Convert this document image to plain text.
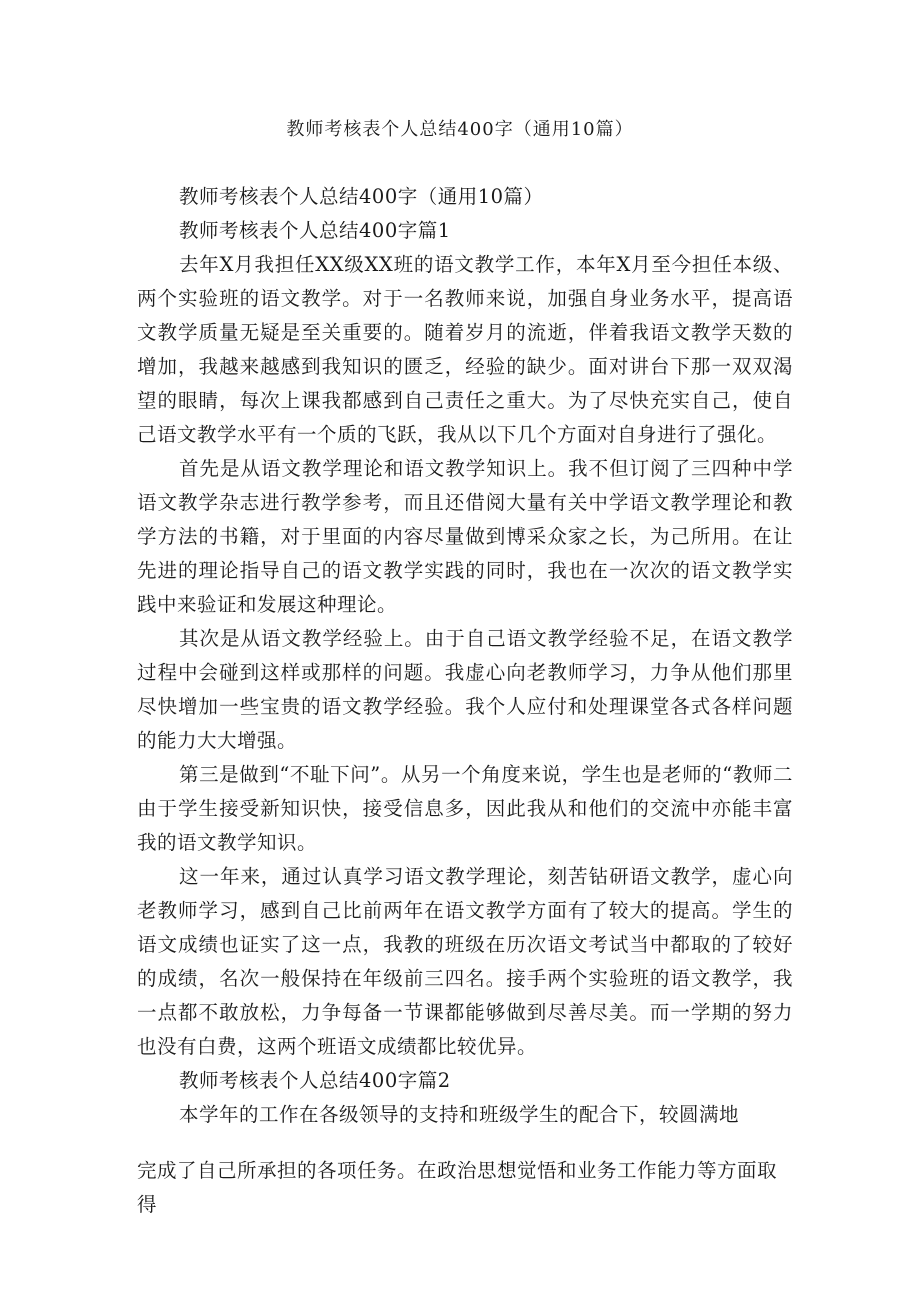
教师考核表个人总结400字（通用10篇）

教师考核表个人总结400字（通用10篇）

教师考核表个人总结400字篇1

去年X月我担任XX级XX班的语文教学工作，本年X月至今担任本级、两个实验班的语文教学。对于一名教师来说，加强自身业务水平，提高语文教学质量无疑是至关重要的。随着岁月的流逝，伴着我语文教学天数的增加，我越来越感到我知识的匮乏，经验的缺少。面对讲台下那一双双渴望的眼睛，每次上课我都感到自己责任之重大。为了尽快充实自己，使自己语文教学水平有一个质的飞跃，我从以下几个方面对自身进行了强化。

首先是从语文教学理论和语文教学知识上。我不但订阅了三四种中学语文教学杂志进行教学参考，而且还借阅大量有关中学语文教学理论和教学方法的书籍，对于里面的内容尽量做到博采众家之长，为己所用。在让先进的理论指导自己的语文教学实践的同时，我也在一次次的语文教学实践中来验证和发展这种理论。

其次是从语文教学经验上。由于自己语文教学经验不足，在语文教学过程中会碰到这样或那样的问题。我虚心向老教师学习，力争从他们那里尽快增加一些宝贵的语文教学经验。我个人应付和处理课堂各式各样问题的能力大大增强。

第三是做到“不耻下问”。从另一个角度来说，学生也是老师的“教师二由于学生接受新知识快，接受信息多，因此我从和他们的交流中亦能丰富我的语文教学知识。

这一年来，通过认真学习语文教学理论，刻苦钻研语文教学，虚心向老教师学习，感到自己比前两年在语文教学方面有了较大的提高。学生的语文成绩也证实了这一点，我教的班级在历次语文考试当中都取的了较好的成绩，名次一般保持在年级前三四名。接手两个实验班的语文教学，我一点都不敢放松，力争每备一节课都能够做到尽善尽美。而一学期的努力也没有白费，这两个班语文成绩都比较优异。

教师考核表个人总结400字篇2

本学年的工作在各级领导的支持和班级学生的配合下，较圆满地

完成了自己所承担的各项任务。在政治思想觉悟和业务工作能力等方面取得
